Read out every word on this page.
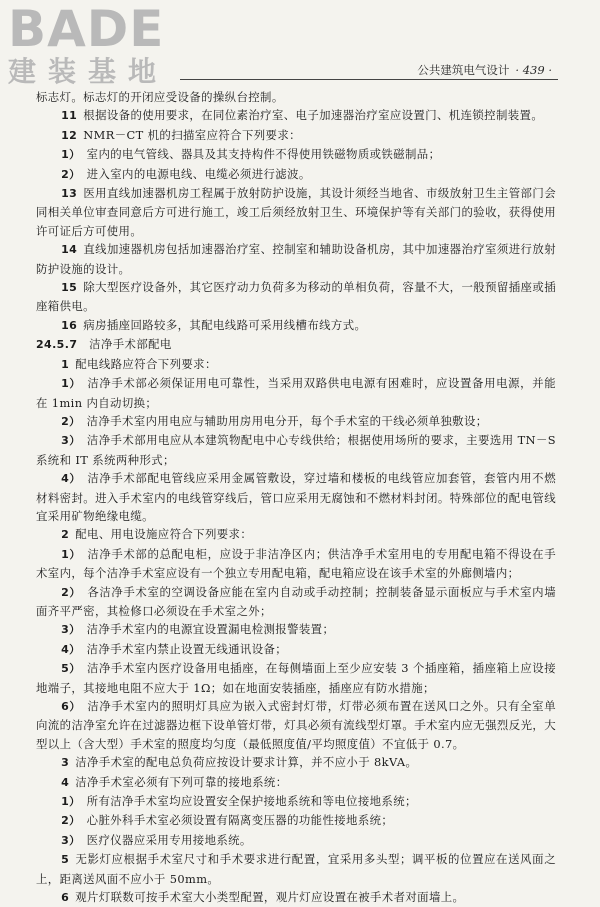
BADE
建装基地	公共建筑电气设计 · 439 ·

标志灯。标志灯的开闭应受设备的操纵台控制。

11  根据设备的使用要求，在同位素治疗室、电子加速器治疗室应设置门、机连锁控制装置。

12  NMR－CT 机的扫描室应符合下列要求：

1）  室内的电气管线、器具及其支持构件不得使用铁磁物质或铁磁制品；

2）  进入室内的电源电线、电缆必须进行滤波。

13  医用直线加速器机房工程属于放射防护设施，其设计须经当地省、市级放射卫生主管部门会同相关单位审查同意后方可进行施工，竣工后须经放射卫生、环境保护等有关部门的验收，获得使用许可证后方可使用。

14  直线加速器机房包括加速器治疗室、控制室和辅助设备机房，其中加速器治疗室须进行放射防护设施的设计。

15  除大型医疗设备外，其它医疗动力负荷多为移动的单相负荷，容量不大，一般预留插座或插座箱供电。

16  病房插座回路较多，其配电线路可采用线槽布线方式。

24.5.7  洁净手术部配电

1  配电线路应符合下列要求：

1）  洁净手术部必须保证用电可靠性，当采用双路供电电源有困难时，应设置备用电源，并能在 1min 内自动切换；

2）  洁净手术室内用电应与辅助用房用电分开，每个手术室的干线必须单独敷设；

3）  洁净手术部用电应从本建筑物配电中心专线供给；根据使用场所的要求，主要选用 TN－S 系统和 IT 系统两种形式；

4）  洁净手术部配电管线应采用金属管敷设，穿过墙和楼板的电线管应加套管，套管内用不燃材料密封。进入手术室内的电线管穿线后，管口应采用无腐蚀和不燃材料封闭。特殊部位的配电管线宜采用矿物绝缘电缆。

2  配电、用电设施应符合下列要求：

1）  洁净手术部的总配电柜，应设于非洁净区内；供洁净手术室用电的专用配电箱不得设在手术室内，每个洁净手术室应设有一个独立专用配电箱，配电箱应设在该手术室的外廊侧墙内；

2）  各洁净手术室的空调设备应能在室内自动或手动控制；控制装备显示面板应与手术室内墙面齐平严密，其检修口必须设在手术室之外；

3）  洁净手术室内的电源宜设置漏电检测报警装置；

4）  洁净手术室内禁止设置无线通讯设备；

5）  洁净手术室内医疗设备用电插座，在每侧墙面上至少应安装 3 个插座箱，插座箱上应设接地端子，其接地电阻不应大于 1Ω；如在地面安装插座，插座应有防水措施；

6）  洁净手术室内的照明灯具应为嵌入式密封灯带，灯带必须布置在送风口之外。只有全室单向流的洁净室允许在过滤器边框下设单管灯带，灯具必须有流线型灯罩。手术室内应无强烈反光，大型以上（含大型）手术室的照度均匀度（最低照度值/平均照度值）不宜低于 0.7。

3  洁净手术室的配电总负荷应按设计要求计算，并不应小于 8kVA。

4  洁净手术室必须有下列可靠的接地系统：

1）  所有洁净手术室均应设置安全保护接地系统和等电位接地系统；

2）  心脏外科手术室必须设置有隔离变压器的功能性接地系统；

3）  医疗仪器应采用专用接地系统。

5  无影灯应根据手术室尺寸和手术要求进行配置，宜采用多头型；调平板的位置应在送风面之上，距离送风面不应小于 50mm。

6  观片灯联数可按手术室大小类型配置，观片灯应设置在被手术者对面墙上。
